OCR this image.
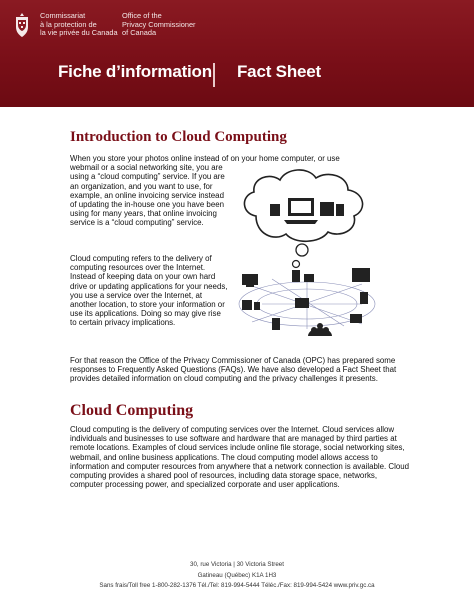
Commissariat
à la protection de
la vie privée du Canada
Office of the
Privacy Commissioner
of Canada
Fiche d’information Fact Sheet
Introduction to Cloud Computing

When you store your photos online instead of on your home computer, or use
webmail or a social networking site, you are using a “cloud computing” service. If you are an organization, and you want to use, for example, an online invoicing service instead of updating the in-house one you have been using for many years, that online invoicing service is a “cloud computing” service.

Cloud computing refers to the delivery of computing resources over the Internet. Instead of keeping data on your own hard drive or updating applications for your needs, you use a service over the Internet, at another location, to store your information or use its applications. Doing so may give rise to certain privacy implications.

For that reason the Office of the Privacy Commissioner of Canada (OPC) has prepared some responses to Frequently Asked Questions (FAQs). We have also developed a Fact Sheet that provides detailed information on cloud computing and the privacy challenges it presents.

Cloud Computing

Cloud computing is the delivery of computing services over the Internet. Cloud services allow individuals and businesses to use software and hardware that are managed by third parties at remote locations. Examples of cloud services include online file storage, social networking sites, webmail, and online business applications. The cloud computing model allows access to information and computer resources from anywhere that a network connection is available. Cloud computing provides a shared pool of resources, including data storage space, networks, computer processing power, and specialized corporate and user applications.

30, rue Victoria | 30 Victoria Street
Gatineau (Québec) K1A 1H3
Sans frais/Toll free 1-800-282-1376 Tél./Tel: 819-994-5444 Téléc./Fax: 819-994-5424 www.priv.gc.ca
